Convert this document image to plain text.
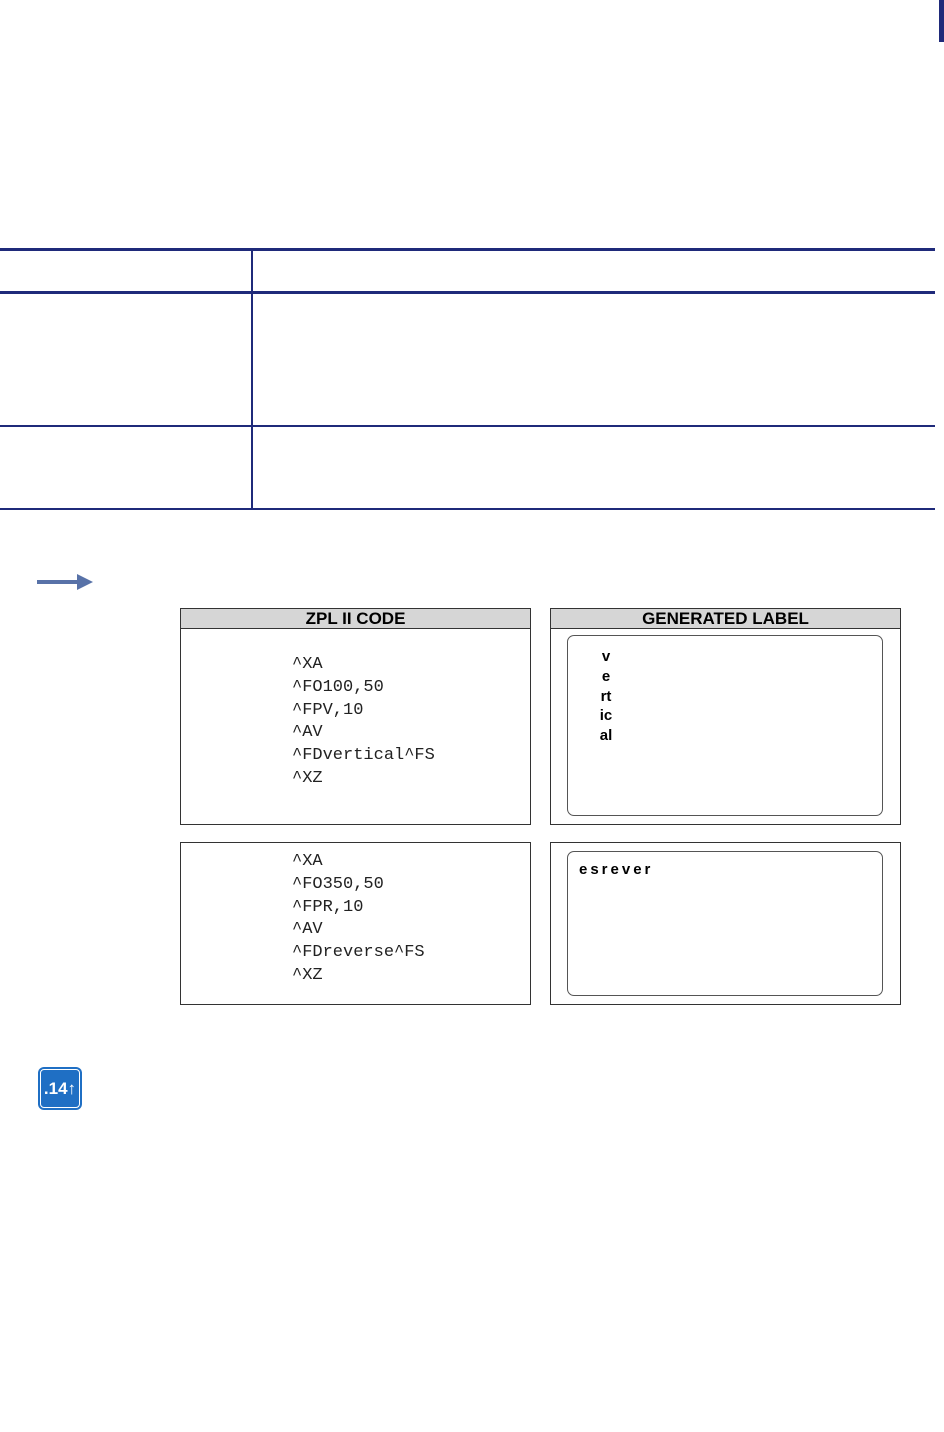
ZPL II CODE
^XA
^FO100,50
^FPV,10
^AV
^FDvertical^FS
^XZ
GENERATED LABEL
vertical
^XA
^FO350,50
^FPR,10
^AV
^FDreverse^FS
^XZ
esrever
.14↑
